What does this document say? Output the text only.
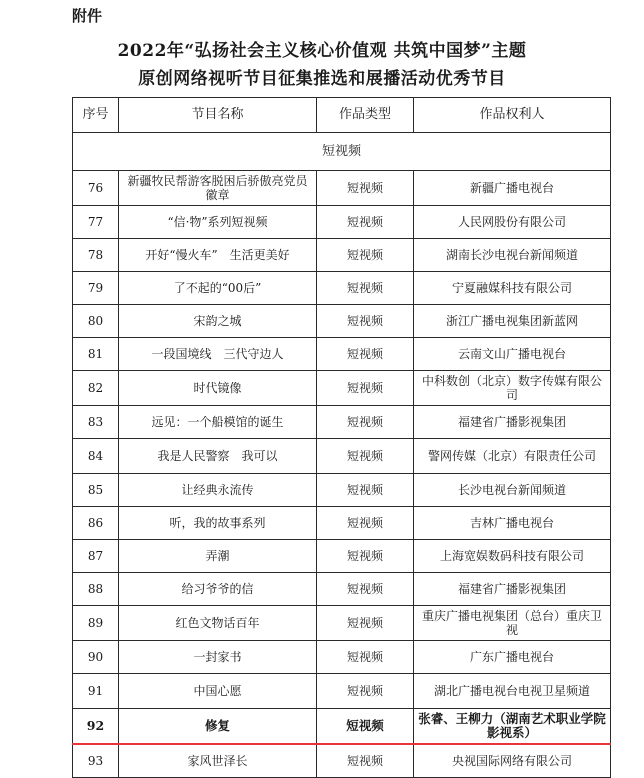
附件
2022年“弘扬社会主义核心价值观 共筑中国梦”主题
原创网络视听节目征集推选和展播活动优秀节目
序号	节目名称	作品类型	作品权利人
短视频			
76	新疆牧民帮游客脱困后骄傲亮党员徽章	短视频	新疆广播电视台
77	“信·物”系列短视频	短视频	人民网股份有限公司
78	开好“慢火车”　生活更美好	短视频	湖南长沙电视台新闻频道
79	了不起的“00后”	短视频	宁夏融媒科技有限公司
80	宋韵之城	短视频	浙江广播电视集团新蓝网
81	一段国境线　三代守边人	短视频	云南文山广播电视台
82	时代镜像	短视频	中科数创（北京）数字传媒有限公司
83	远见：一个船模馆的诞生	短视频	福建省广播影视集团
84	我是人民警察　我可以	短视频	警网传媒（北京）有限责任公司
85	让经典永流传	短视频	长沙电视台新闻频道
86	听，我的故事系列	短视频	吉林广播电视台
87	弄潮	短视频	上海宽娱数码科技有限公司
88	给习爷爷的信	短视频	福建省广播影视集团
89	红色文物话百年	短视频	重庆广播电视集团（总台）重庆卫视
90	一封家书	短视频	广东广播电视台
91	中国心愿	短视频	湖北广播电视台电视卫星频道
92	修复	短视频	张睿、王柳力（湖南艺术职业学院影视系）
93	家风世泽长	短视频	央视国际网络有限公司
